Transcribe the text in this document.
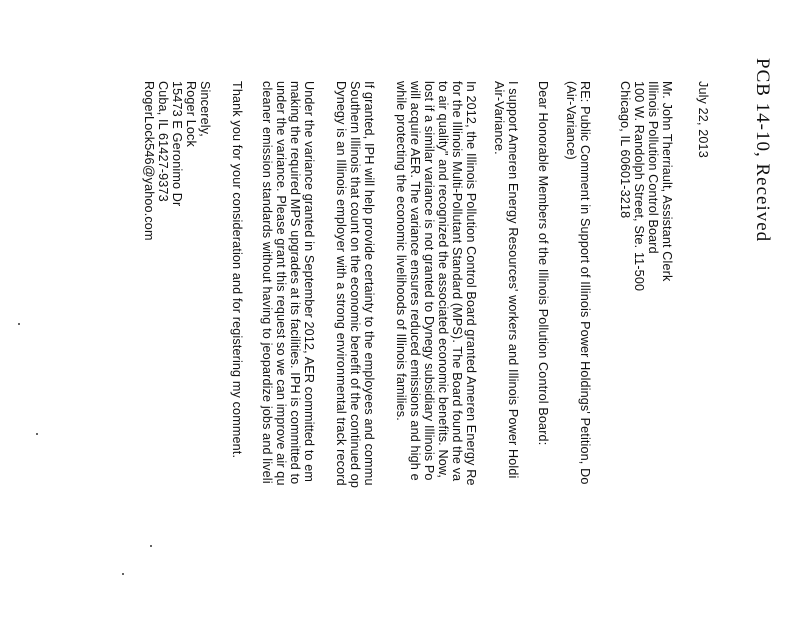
PCB 14-10, Received
July 22, 2013
Mr. John Therriault, Assistant Clerk
Illinois Pollution Control Board
100 W. Randolph Street, Ste. 11-500
Chicago, IL 60601-3218
RE: Public Comment in Support of Illinois Power Holdings' Petition, Do
(Air-Variance)
Dear Honorable Members of the Illinois Pollution Control Board:
I support Ameren Energy Resources' workers and Illinois Power Holdi
Air-Variance.
In 2012, the Illinois Pollution Control Board granted Ameren Energy Re
for the Illinois Multi-Pollutant Standard (MPS). The Board found the va
to air quality" and recognized the associated economic benefits. Now,
lost if a similar variance is not granted to Dynegy subsidiary Illinois Po
will acquire AER. The variance ensures reduced emissions and high e
while protecting the economic livelihoods of Illinois families.
If granted, IPH will help provide certainty to the employees and commu
Southern Illinois that count on the economic benefit of the continued op
Dynegy is an Illinois employer with a strong environmental track record
Under the variance granted in September 2012, AER committed to em
making the required MPS upgrades at its facilities. IPH is committed to
under the variance. Please grant this request so we can improve air qu
cleaner emission standards without having to jeopardize jobs and liveli
Thank you for your consideration and for registering my comment.
Sincerely,
Roger Lock
15473 E Geronimo Dr
Cuba, IL 61427-9373
RogerLock546@yahoo.com
